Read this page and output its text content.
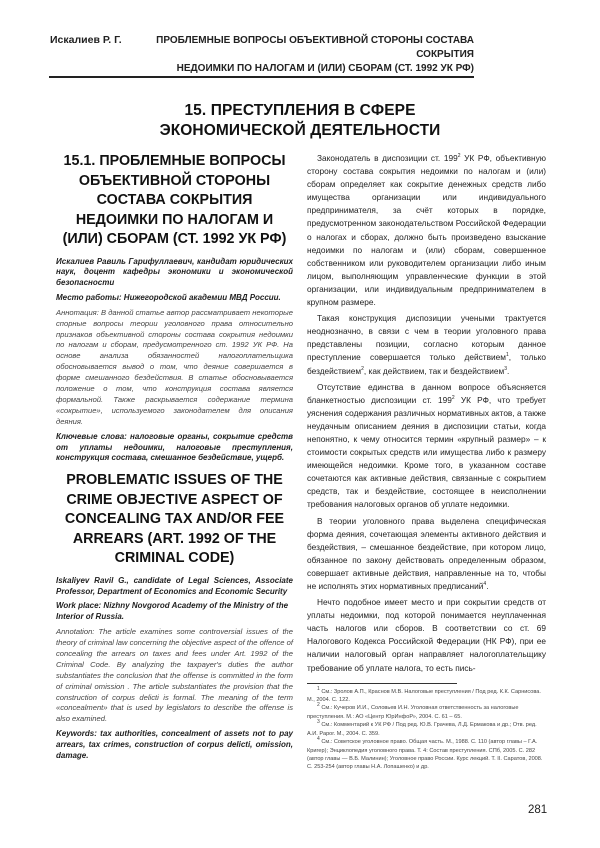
Искалиев Р. Г.	ПРОБЛЕМНЫЕ ВОПРОСЫ ОБЪЕКТИВНОЙ СТОРОНЫ СОСТАВА СОКРЫТИЯ
НЕДОИМКИ ПО НАЛОГАМ И (ИЛИ) СБОРАМ (СТ. 1992 УК РФ)
15. ПРЕСТУПЛЕНИЯ В СФЕРЕ
ЭКОНОМИЧЕСКОЙ ДЕЯТЕЛЬНОСТИ
15.1. ПРОБЛЕМНЫЕ ВОПРОСЫ ОБЪЕКТИВНОЙ СТОРОНЫ СОСТАВА СОКРЫТИЯ НЕДОИМКИ ПО НАЛОГАМ И (ИЛИ) СБОРАМ (СТ. 1992 УК РФ)
Искалиев Равиль Гарифуллаевич, кандидат юридических наук, доцент кафедры экономики и экономической безопасности
Место работы: Нижегородской академии МВД России.
Аннотация: В данной статье автор рассматривает некоторые спорные вопросы теории уголовного права относительно признаков объективной стороны состава сокрытия недоимки по налогам и сборам, предусмотренного ст. 1992 УК РФ. На основе анализа обязанностей налогоплательщика обосновывается вывод о том, что деяние совершается в форме смешанного бездействия. В статье обосновывается положение о том, что конструкция состава является формальной. Также раскрывается содержание термина «сокрытие», используемого законодателем для описания деяния.
Ключевые слова: налоговые органы, сокрытие средств от уплаты недоимки, налоговые преступления, конструкция состава, смешанное бездействие, ущерб.
PROBLEMATIC ISSUES OF THE CRIME OBJECTIVE ASPECT OF CONCEALING TAX AND/OR FEE ARREARS (ART. 1992 OF THE CRIMINAL CODE)
Iskaliyev Ravil G., candidate of Legal Sciences, Associate Professor, Department of Economics and Economic Security
Work place: Nizhny Novgorod Academy of the Ministry of the Interior of Russia.
Annotation: The article examines some controversial issues of the theory of criminal law concerning the objective aspect of the offence of concealing the arrears on taxes and fees under Art. 1992 of the Criminal Code. By analyzing the taxpayer's duties the author substantiates the conclusion that the offense is committed in the form of criminal omission . The article substantiates the provision that the construction of corpus delicti is formal. The meaning of the term «concealment» that is used by legislators to describe the offense is also examined.
Keywords: tax authorities, concealment of assets not to pay arrears, tax crimes, construction of corpus delicti, omission, damage.

Законодатель в диспозиции ст. $199^2$ УК РФ, объективную сторону состава сокрытия недоимки по налогам и (или) сборам определяет как сокрытие денежных средств либо имущества организации или индивидуального предпринимателя, за счёт которых в порядке, предусмотренном законодательством Российской Федерации о налогах и сборах, должно быть произведено взыскание недоимки по налогам и (или) сборам, совершенное собственником или руководителем организации либо иным лицом, выполняющим управленческие функции в этой организации, или индивидуальным предпринимателем в крупном размере.

Такая конструкция диспозиции учеными трактуется неоднозначно, в связи с чем в теории уголовного права представлены позиции, согласно которым данное преступление совершается только действием$^1$, только бездействием$^2$, как действием, так и бездействием$^3$.

Отсутствие единства в данном вопросе объясняется бланкетностью диспозиции ст. $199^2$ УК РФ, что требует уяснения содержания различных нормативных актов, а также неудачным описанием деяния в диспозиции статьи, когда непонятно, к чему относится термин «крупный размер» – к стоимости сокрытых средств или имущества либо к размеру имеющейся недоимки. Кроме того, в указанном составе сочетаются как активные действия, связанные с сокрытием средств, так и бездействие, состоящее в неисполнении требования налоговых органов об уплате недоимки.

В теории уголовного права выделена специфическая форма деяния, сочетающая элементы активного действия и бездействия, – смешанное бездействие, при котором лицо, обязанное по закону действовать определенным образом, совершает активные действия, направленные на то, чтобы не исполнять этих нормативных предписаний$^4$.

Нечто подобное имеет место и при сокрытии средств от уплаты недоимки, под которой понимается неуплаченная часть налогов или сборов. В соответствии со ст. 69 Налогового Кодекса Российской Федерации (НК РФ), при ее наличии налоговый орган направляет налогоплательщику требование об уплате налога, то есть пись-

$^1$ См.: Зролов А.П., Краснов М.В. Налоговые преступления / Под ред. К.К. Сарнисова. М., 2004. С. 122.

$^2$ См.: Кучеров И.И., Соловьев И.Н. Уголовная ответственность за налоговые преступления. М.: АО «Центр ЮрИнфоР», 2004. С. 61 – 65.

$^3$ См.: Комментарий к УК РФ / Под ред. Ю.В. Грачева, Л.Д. Ермакова и др.; Отв. ред. А.И. Рарог. М., 2004. С. 359.

$^4$ См.: Советское уголовное право. Общая часть. М., 1988. С. 110 (автор главы – Г.А. Кригер); Энциклопедия уголовного права. Т. 4: Состав преступления. СПб, 2005. С. 282 (автор главы — В.Б. Малинин); Уголовное право России. Курс лекций. Т. II. Саратов, 2008. С. 253-254 (автор главы Н.А. Лопашенко) и др.

281
